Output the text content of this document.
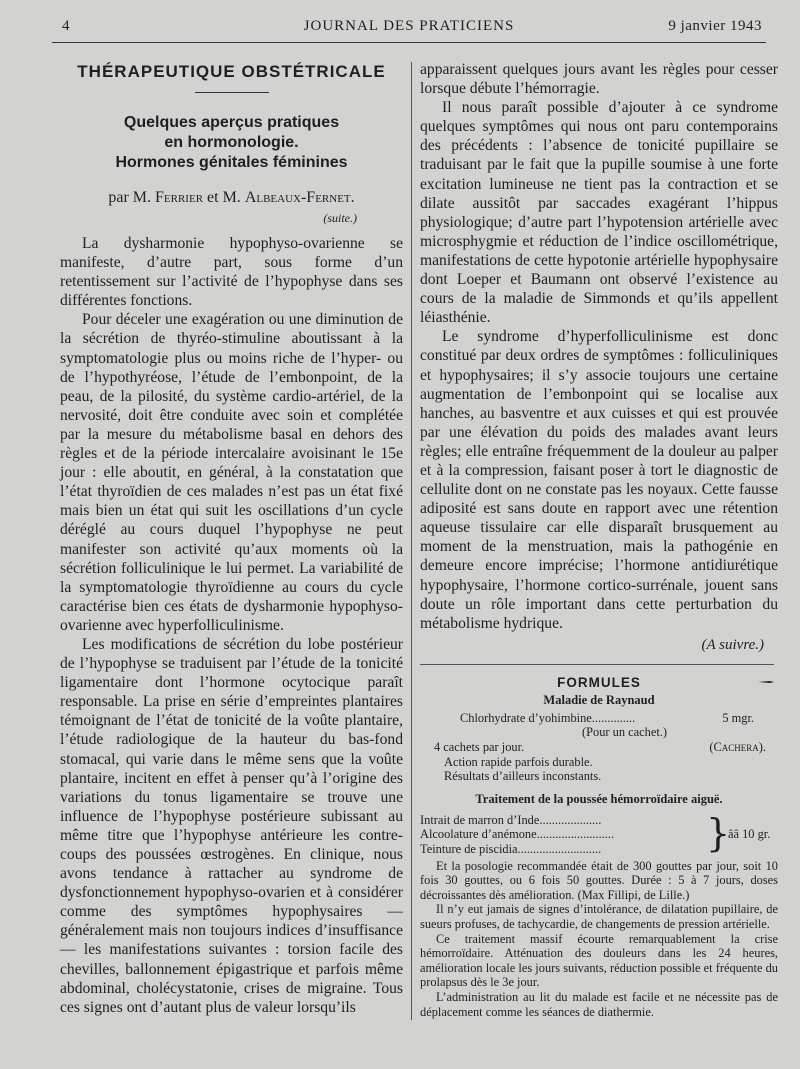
4	JOURNAL DES PRATICIENS	9 janvier 1943
THÉRAPEUTIQUE OBSTÉTRICALE
Quelques aperçus pratiques
en hormonologie.
Hormones génitales féminines
par M. Ferrier et M. Albeaux-Fernet.
(suite.)

La dysharmonie hypophyso-ovarienne se manifeste, d’autre part, sous forme d’un retentissement sur l’activité de l’hypophyse dans ses différentes fonctions.

Pour déceler une exagération ou une diminution de la sécrétion de thyréo-stimuline aboutissant à la symptomatologie plus ou moins riche de l’hyper- ou de l’hypothyréose, l’étude de l’embonpoint, de la peau, de la pilosité, du système cardio-artériel, de la nervosité, doit être conduite avec soin et complétée par la mesure du métabolisme basal en dehors des règles et de la période intercalaire avoisinant le 15e jour : elle aboutit, en général, à la constatation que l’état thyroïdien de ces malades n’est pas un état fixé mais bien un état qui suit les oscillations d’un cycle déréglé au cours duquel l’hypophyse ne peut manifester son activité qu’aux moments où la sécrétion folliculinique le lui permet. La variabilité de la symptomatologie thyroïdienne au cours du cycle caractérise bien ces états de dysharmonie hypophyso-ovarienne avec hyperfolliculinisme.

Les modifications de sécrétion du lobe postérieur de l’hypophyse se traduisent par l’étude de la tonicité ligamentaire dont l’hormone ocytocique paraît responsable. La prise en série d’empreintes plantaires témoignant de l’état de tonicité de la voûte plantaire, l’étude radiologique de la hauteur du bas-fond stomacal, qui varie dans le même sens que la voûte plantaire, incitent en effet à penser qu’à l’origine des variations du tonus ligamentaire se trouve une influence de l’hypophyse postérieure subissant au même titre que l’hypophyse antérieure les contre-coups des poussées œstrogènes. En clinique, nous avons tendance à rattacher au syndrome de dysfonctionnement hypophyso-ovarien et à considérer comme des symptômes hypophysaires — généralement mais non toujours indices d’insuffisance — les manifestations suivantes : torsion facile des chevilles, ballonnement épigastrique et parfois même abdominal, cholécystatonie, crises de migraine. Tous ces signes ont d’autant plus de valeur lorsqu’ils

apparaissent quelques jours avant les règles pour cesser lorsque débute l’hémorragie.

Il nous paraît possible d’ajouter à ce syndrome quelques symptômes qui nous ont paru contemporains des précédents : l’absence de tonicité pupillaire se traduisant par le fait que la pupille soumise à une forte excitation lumineuse ne tient pas la contraction et se dilate aussitôt par saccades exagérant l’hippus physiologique; d’autre part l’hypotension artérielle avec microsphygmie et réduction de l’indice oscillométrique, manifestations de cette hypotonie artérielle hypophysaire dont Loeper et Baumann ont observé l’existence au cours de la maladie de Simmonds et qu’ils appellent léiasthénie.

Le syndrome d’hyperfolliculinisme est donc constitué par deux ordres de symptômes : folliculiniques et hypophysaires; il s’y associe toujours une certaine augmentation de l’embonpoint qui se localise aux hanches, au basventre et aux cuisses et qui est prouvée par une élévation du poids des malades avant leurs règles; elle entraîne fréquemment de la douleur au palper et à la compression, faisant poser à tort le diagnostic de cellulite dont on ne constate pas les noyaux. Cette fausse adiposité est sans doute en rapport avec une rétention aqueuse tissulaire car elle disparaît brusquement au moment de la menstruation, mais la pathogénie en demeure encore imprécise; l’hormone antidiurétique hypophysaire, l’hormone cortico-surrénale, jouent sans doute un rôle important dans cette perturbation du métabolisme hydrique.

(A suivre.)
FORMULES
Maladie de Raynaud
Chlorhydrate d’yohimbine..............	5 mgr.
(Pour un cachet.)
4 cachets par jour.	(Cachera).
Action rapide parfois durable.
Résultats d’ailleurs inconstants.
Traitement de la poussée hémorroïdaire aiguë.
Intrait de marron d’Inde....................
Alcoolature d’anémone.........................
Teinture de piscidia...........................	}
ââ 10 gr.

Et la posologie recommandée était de 300 gouttes par jour, soit 10 fois 30 gouttes, ou 6 fois 50 gouttes. Durée : 5 à 7 jours, doses décroissantes dès amélioration. (Max Fillipi, de Lille.)

Il n’y eut jamais de signes d’intolérance, de dilatation pupillaire, de sueurs profuses, de tachycardie, de changements de pression artérielle.

Ce traitement massif écourte remarquablement la crise hémorroïdaire. Atténuation des douleurs dans les 24 heures, amélioration locale les jours suivants, réduction possible et fréquente du prolapsus dès le 3e jour.

L’administration au lit du malade est facile et ne nécessite pas de déplacement comme les séances de diathermie.
